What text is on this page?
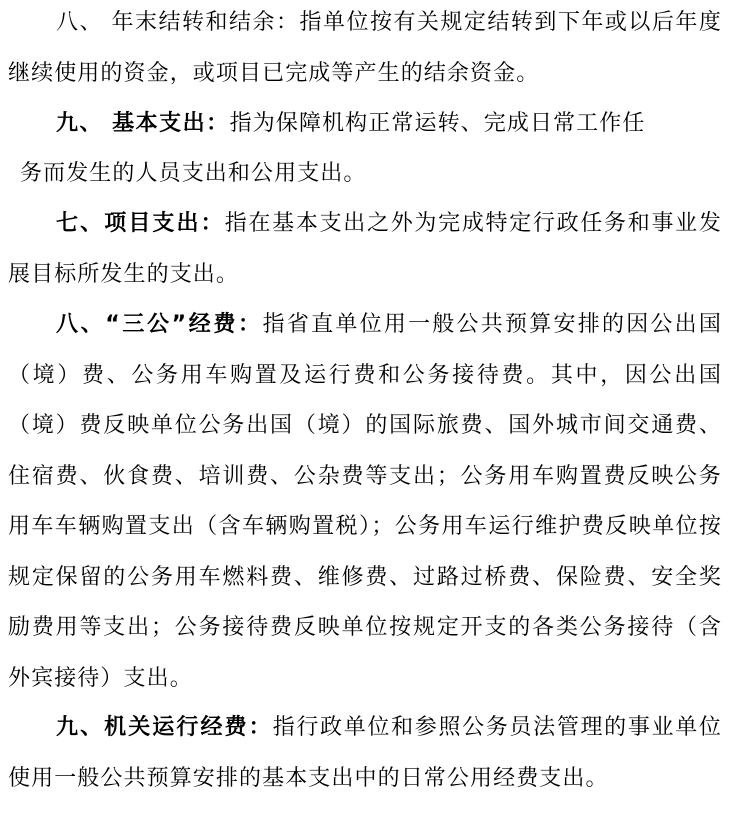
八、 年末结转和结余：指单位按有关规定结转到下年或以后年度继续使用的资金，或项目已完成等产生的结余资金。

九、 基本支出：指为保障机构正常运转、完成日常工作任

务而发生的人员支出和公用支出。

七、项目支出：指在基本支出之外为完成特定行政任务和事业发展目标所发生的支出。

八、“三公”经费：指省直单位用一般公共预算安排的因公出国（境）费、公务用车购置及运行费和公务接待费。其中，因公出国（境）费反映单位公务出国（境）的国际旅费、国外城市间交通费、住宿费、伙食费、培训费、公杂费等支出；公务用车购置费反映公务用车车辆购置支出（含车辆购置税）；公务用车运行维护费反映单位按规定保留的公务用车燃料费、维修费、过路过桥费、保险费、安全奖励费用等支出；公务接待费反映单位按规定开支的各类公务接待（含外宾接待）支出。

九、机关运行经费：指行政单位和参照公务员法管理的事业单位使用一般公共预算安排的基本支出中的日常公用经费支出。
